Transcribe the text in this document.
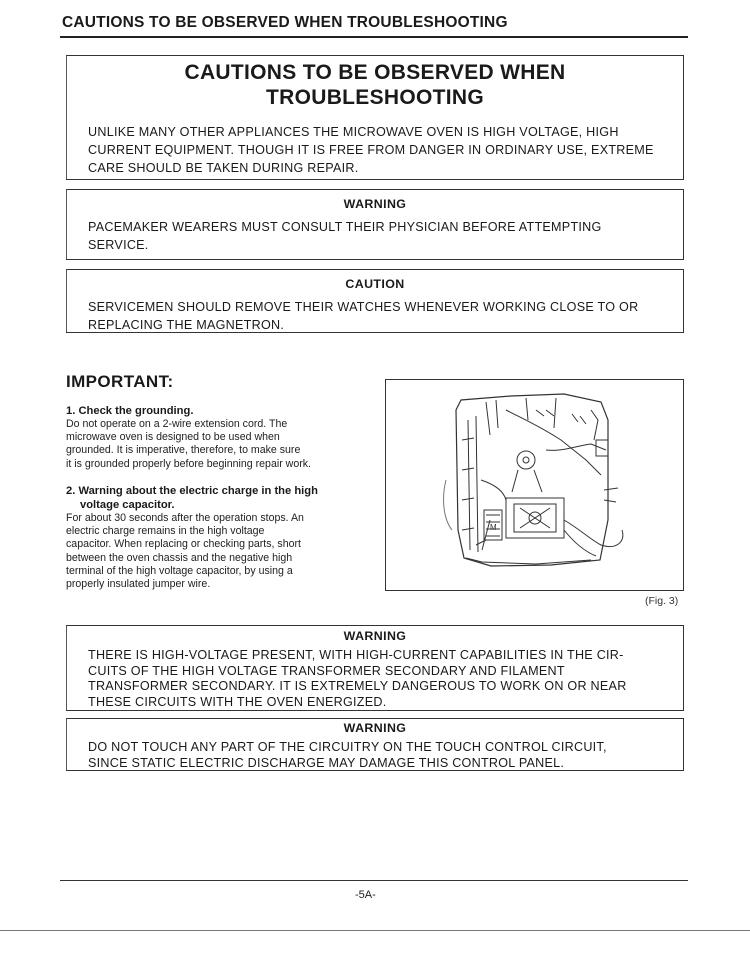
CAUTIONS TO BE OBSERVED WHEN TROUBLESHOOTING
CAUTIONS TO BE OBSERVED WHEN
TROUBLESHOOTING
UNLIKE MANY OTHER APPLIANCES THE MICROWAVE OVEN IS HIGH VOLTAGE, HIGH
CURRENT EQUIPMENT. THOUGH IT IS FREE FROM DANGER IN ORDINARY USE, EXTREME
CARE SHOULD BE TAKEN DURING REPAIR.
WARNING
PACEMAKER WEARERS MUST CONSULT THEIR PHYSICIAN BEFORE ATTEMPTING
SERVICE.
CAUTION
SERVICEMEN SHOULD REMOVE THEIR WATCHES WHENEVER WORKING CLOSE TO OR
REPLACING THE MAGNETRON.
IMPORTANT:
1. Check the grounding.
Do not operate on a 2-wire extension cord. The
microwave oven is designed to be used when
grounded. It is imperative, therefore, to make sure
it is grounded properly before beginning repair work.
2. Warning about the electric charge in the high
voltage capacitor.
For about 30 seconds after the operation stops. An
electric charge remains in the high voltage
capacitor. When replacing or checking parts, short
between the oven chassis and the negative high
terminal of the high voltage capacitor, by using a
properly insulated jumper wire.
M
(Fig. 3)
WARNING
THERE IS HIGH-VOLTAGE PRESENT, WITH HIGH-CURRENT CAPABILITIES IN THE CIR-
CUITS OF THE HIGH VOLTAGE TRANSFORMER SECONDARY AND FILAMENT
TRANSFORMER SECONDARY. IT IS EXTREMELY DANGEROUS TO WORK ON OR NEAR
THESE CIRCUITS WITH THE OVEN ENERGIZED.
WARNING
DO NOT TOUCH ANY PART OF THE CIRCUITRY ON THE TOUCH CONTROL CIRCUIT,
SINCE STATIC ELECTRIC DISCHARGE MAY DAMAGE THIS CONTROL PANEL.
-5A-
